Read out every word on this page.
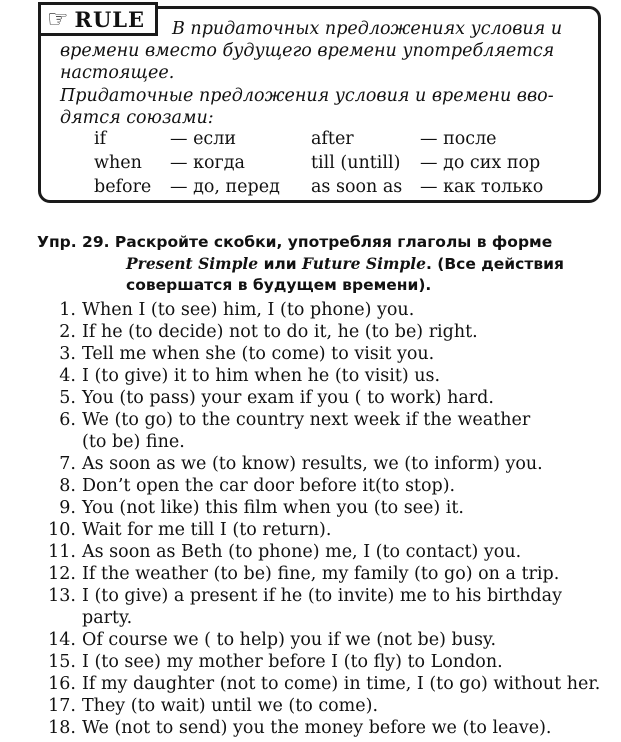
☞ RULE В придаточных предложениях условия и
времени вместо будущего времени употребляется
настоящее.
Придаточные предложения условия и времени вво-
дятся союзами:
if	— если
when — когда
before — до, перед
after	— после
till (untill) — до сих пор
as soon as — как только
Упр. 29. Раскройте скобки, употребляя глаголы в форме
Present Simple или Future Simple. (Все действия
совершатся в будущем времени).
1. When I (to see) him, I (to phone) you.
2. If he (to decide) not to do it, he (to be) right.
3. Tell me when she (to come) to visit you.
4. I (to give) it to him when he (to visit) us.
5. You (to pass) your exam if you ( to work) hard.
6. We (to go) to the country next week if the weather
(to be) fine.
7. As soon as we (to know) results, we (to inform) you.
8. Don’t open the car door before it(to stop).
9. You (not like) this film when you (to see) it.
10. Wait for me till I (to return).
11. As soon as Beth (to phone) me, I (to contact) you.
12. If the weather (to be) fine, my family (to go) on a trip.
13. I (to give) a present if he (to invite) me to his birthday
party.
14. Of course we ( to help) you if we (not be) busy.
15. I (to see) my mother before I (to fly) to London.
16. If my daughter (not to come) in time, I (to go) without her.
17. They (to wait) until we (to come).
18. We (not to send) you the money before we (to leave).
